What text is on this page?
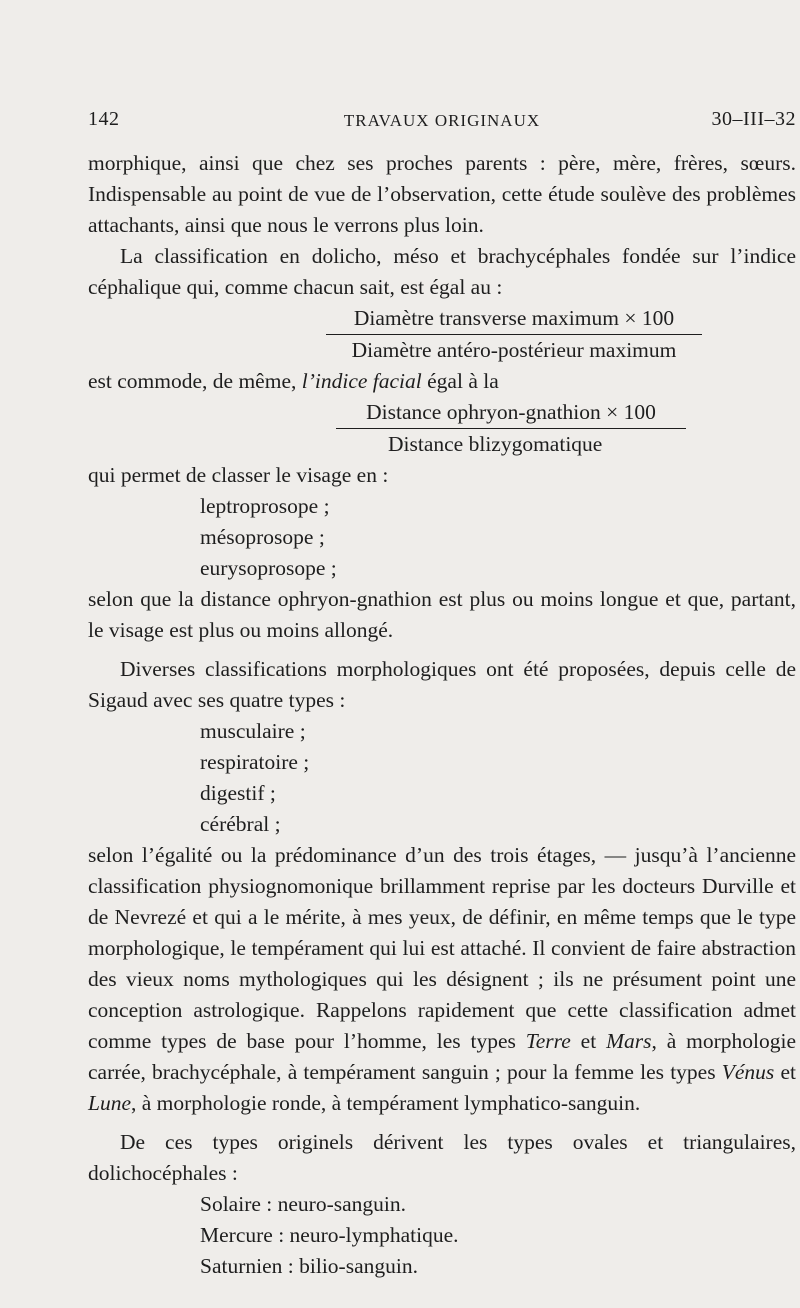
142	TRAVAUX ORIGINAUX	30–III–32

morphique, ainsi que chez ses proches parents : père, mère, frères, sœurs. Indispensable au point de vue de l’observation, cette étude soulève des problèmes attachants, ainsi que nous le verrons plus loin.

La classification en dolicho, méso et brachycéphales fondée sur l’indice céphalique qui, comme chacun sait, est égal au :

Diamètre transverse maximum × 100
Diamètre antéro-postérieur maximum

est commode, de même, l’indice facial égal à la

Distance ophryon-gnathion × 100
Distance blizygomatique

qui permet de classer le visage en :

leptroprosope ;
mésoprosope ;
eurysoprosope ;

selon que la distance ophryon-gnathion est plus ou moins longue et que, partant, le visage est plus ou moins allongé.

Diverses classifications morphologiques ont été proposées, depuis celle de Sigaud avec ses quatre types :

musculaire ;
respiratoire ;
digestif ;
cérébral ;

selon l’égalité ou la prédominance d’un des trois étages, — jusqu’à l’ancienne classification physiognomonique brillamment reprise par les docteurs Durville et de Nevrezé et qui a le mérite, à mes yeux, de définir, en même temps que le type morphologique, le tempérament qui lui est attaché. Il convient de faire abstraction des vieux noms mythologiques qui les désignent ; ils ne présument point une conception astrologique. Rappelons rapidement que cette classification admet comme types de base pour l’homme, les types Terre et Mars, à morphologie carrée, brachycéphale, à tempérament sanguin ; pour la femme les types Vénus et Lune, à morphologie ronde, à tempérament lymphatico-sanguin.

De ces types originels dérivent les types ovales et triangulaires, dolichocéphales :

Solaire : neuro-sanguin.
Mercure : neuro-lymphatique.
Saturnien : bilio-sanguin.
